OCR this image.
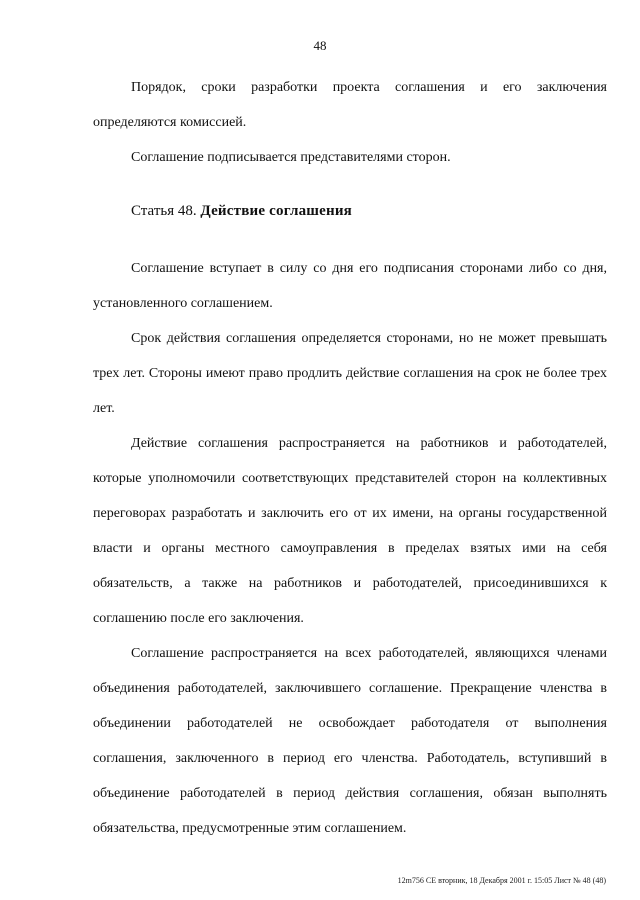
48

Порядок, сроки разработки проекта соглашения и его заключения определяются комиссией.

Соглашение подписывается представителями сторон.

Статья 48. Действие соглашения

Соглашение вступает в силу со дня его подписания сторонами либо со дня, установленного соглашением.

Срок действия соглашения определяется сторонами, но не может превышать трех лет. Стороны имеют право продлить действие соглашения на срок не более трех лет.

Действие соглашения распространяется на работников и работодателей, которые уполномочили соответствующих представителей сторон на коллективных переговорах разработать и заключить его от их имени, на органы государственной власти и органы местного самоуправления в пределах взятых ими на себя обязательств, а также на работников и работодателей, присоединившихся к соглашению после его заключения.

Соглашение распространяется на всех работодателей, являющихся членами объединения работодателей, заключившего соглашение. Прекращение членства в объединении работодателей не освобождает работодателя от выполнения соглашения, заключенного в период его членства. Работодатель, вступивший в объединение работодателей в период действия соглашения, обязан выполнять обязательства, предусмотренные этим соглашением.

12m756 CE вторник, 18 Декабря 2001 г. 15:05 Лист № 48 (48)
